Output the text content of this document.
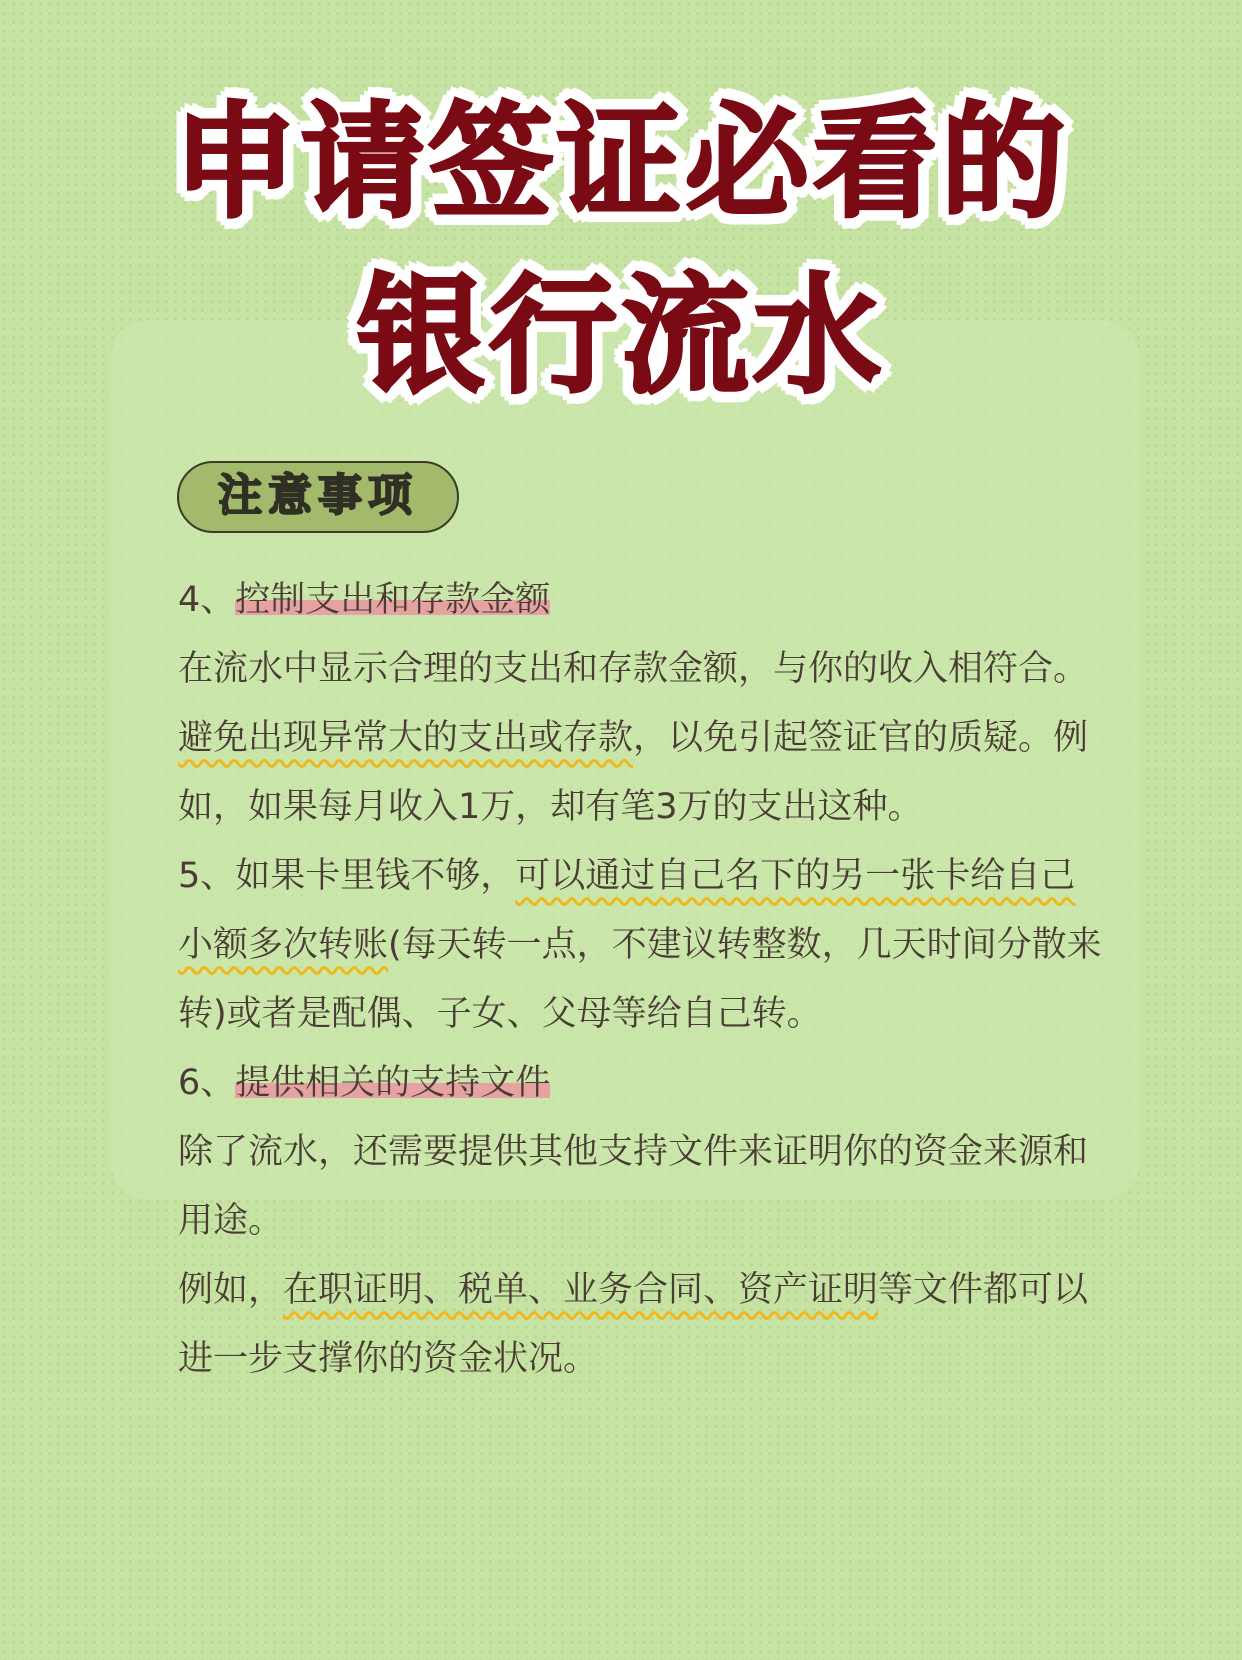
申请签证必看的
银行流水
注意事项

4、控制支出和存款金额

在流水中显示合理的支出和存款金额，与你的收入相符合。避免出现异常大的支出或存款，以免引起签证官的质疑。例如，如果每月收入1万，却有笔3万的支出这种。

5、如果卡里钱不够，可以通过自己名下的另一张卡给自己小额多次转账(每天转一点，不建议转整数，几天时间分散来转)或者是配偶、子女、父母等给自己转。

6、提供相关的支持文件

除了流水，还需要提供其他支持文件来证明你的资金来源和用途。

例如，在职证明、税单、业务合同、资产证明等文件都可以进一步支撑你的资金状况。
